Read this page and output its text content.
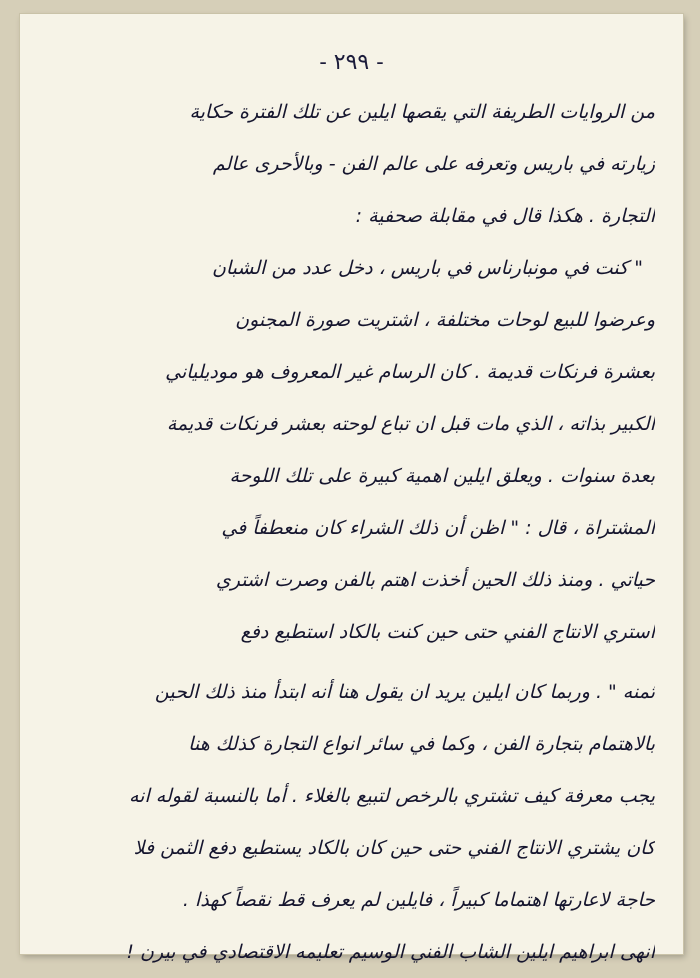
- ٢٩٩ -
من الروايات الطريفة التي يقصها ايلين عن تلك الفترة حكاية
زيارته في باريس وتعرفه على عالم الفن - وبالأحرى عالم
التجارة . هكذا قال في مقابلة صحفية :
" كنت في مونبارناس في باريس ، دخل عدد من الشبان
وعرضوا للبيع لوحات مختلفة ، اشتريت صورة المجنون
بعشرة فرنكات قديمة . كان الرسام غير المعروف هو موديلياني
الكبير بذاته ، الذي مات قبل ان تباع لوحته بعشر فرنكات قديمة
بعدة سنوات . ويعلق ايلين اهمية كبيرة على تلك اللوحة
المشتراة ، قال : " اظن أن ذلك الشراء كان منعطفاً في
حياتي . ومنذ ذلك الحين أخذت اهتم بالفن وصرت اشتري
استري الانتاج الفني حتى حين كنت بالكاد استطيع دفع
ثمنه " . وربما كان ايلين يريد ان يقول هنا أنه ابتدأ منذ ذلك الحين
بالاهتمام بتجارة الفن ، وكما في سائر انواع التجارة كذلك هنا
يجب معرفة كيف تشتري بالرخص لتبيع بالغلاء . أما بالنسبة لقوله انه
كان يشتري الانتاج الفني حتى حين كان بالكاد يستطيع دفع الثمن فلا
حاجة لاعارتها اهتماما كبيراً ، فايلين لم يعرف قط نقصاً كهذا .
انهى ابراهيم ايلين الشاب الفني الوسيم تعليمه الاقتصادي في بيرن !
